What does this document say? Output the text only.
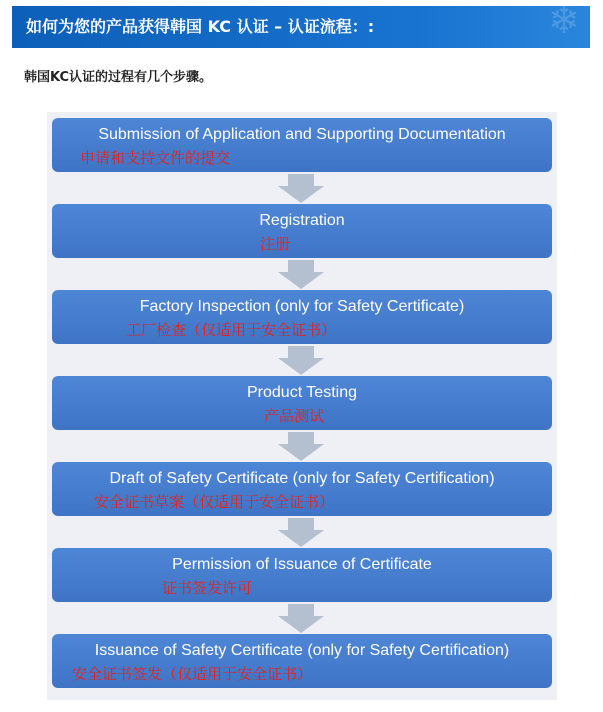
如何为您的产品获得韩国 KC 认证 – 认证流程：:	❄
韩国KC认证的过程有几个步骤。
Submission of Application and Supporting Documentation
申请和支持文件的提交
Registration
注册
Factory Inspection (only for Safety Certificate)
工厂检查（仅适用于安全证书）
Product Testing
产品测试
Draft of Safety Certificate (only for Safety Certification)
安全证书草案（仅适用于安全证书）
Permission of Issuance of Certificate
证书签发许可
Issuance of Safety Certificate (only for Safety Certification)
安全证书签发（仅适用于安全证书）
